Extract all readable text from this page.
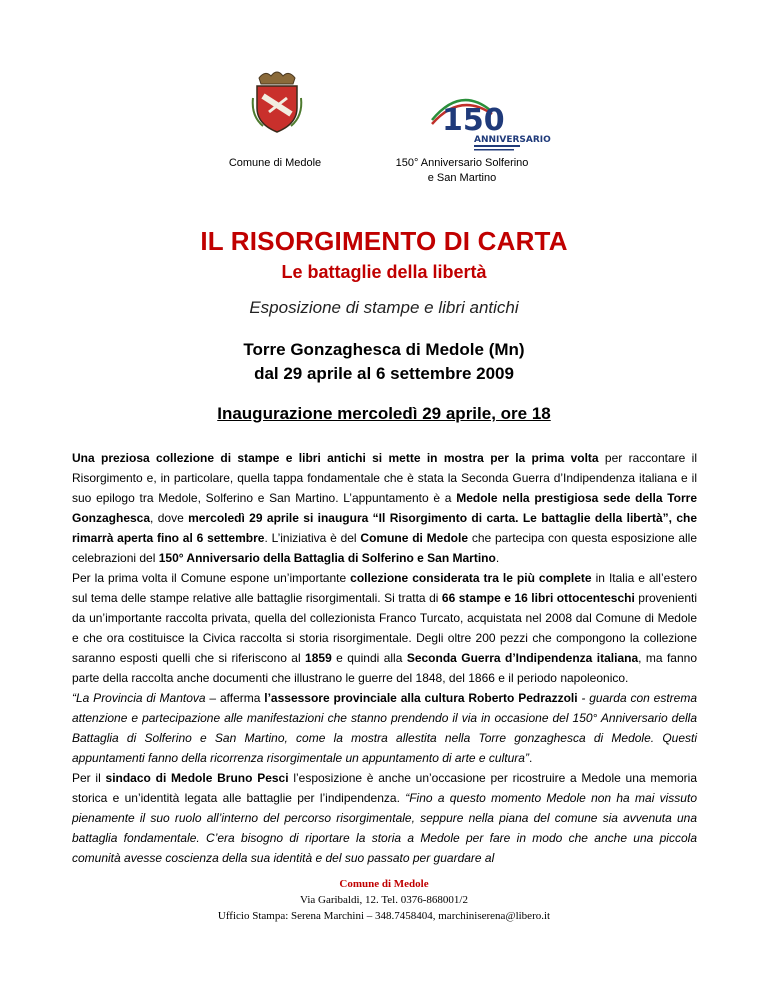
150
ANNIVERSARIO
Comune di Medole	150° Anniversario Solferino
e San Martino
IL RISORGIMENTO DI CARTA
Le battaglie della libertà
Esposizione di stampe e libri antichi
Torre Gonzaghesca di Medole (Mn)
dal 29 aprile al 6 settembre 2009
Inaugurazione mercoledì 29 aprile, ore 18

Una preziosa collezione di stampe e libri antichi si mette in mostra per la prima volta per raccontare il Risorgimento e, in particolare, quella tappa fondamentale che è stata la Seconda Guerra d’Indipendenza italiana e il suo epilogo tra Medole, Solferino e San Martino. L’appuntamento è a Medole nella prestigiosa sede della Torre Gonzaghesca, dove mercoledì 29 aprile si inaugura “Il Risorgimento di carta. Le battaglie della libertà”, che rimarrà aperta fino al 6 settembre. L’iniziativa è del Comune di Medole che partecipa con questa esposizione alle celebrazioni del 150° Anniversario della Battaglia di Solferino e San Martino.

Per la prima volta il Comune espone un’importante collezione considerata tra le più complete in Italia e all’estero sul tema delle stampe relative alle battaglie risorgimentali. Si tratta di 66 stampe e 16 libri ottocenteschi provenienti da un’importante raccolta privata, quella del collezionista Franco Turcato, acquistata nel 2008 dal Comune di Medole e che ora costituisce la Civica raccolta si storia risorgimentale. Degli oltre 200 pezzi che compongono la collezione saranno esposti quelli che si riferiscono al 1859 e quindi alla Seconda Guerra d’Indipendenza italiana, ma fanno parte della raccolta anche documenti che illustrano le guerre del 1848, del 1866 e il periodo napoleonico.

“La Provincia di Mantova – afferma l’assessore provinciale alla cultura Roberto Pedrazzoli - guarda con estrema attenzione e partecipazione alle manifestazioni che stanno prendendo il via in occasione del 150° Anniversario della Battaglia di Solferino e San Martino, come la mostra allestita nella Torre gonzaghesca di Medole. Questi appuntamenti fanno della ricorrenza risorgimentale un appuntamento di arte e cultura”.

Per il sindaco di Medole Bruno Pesci l’esposizione è anche un’occasione per ricostruire a Medole una memoria storica e un’identità legata alle battaglie per l’indipendenza. “Fino a questo momento Medole non ha mai vissuto pienamente il suo ruolo all’interno del percorso risorgimentale, seppure nella piana del comune sia avvenuta una battaglia fondamentale. C’era bisogno di riportare la storia a Medole per fare in modo che anche una piccola comunità avesse coscienza della sua identità e del suo passato per guardare al

Comune di Medole
Via Garibaldi, 12. Tel. 0376-868001/2
Ufficio Stampa: Serena Marchini – 348.7458404, marchiniserena@libero.it
